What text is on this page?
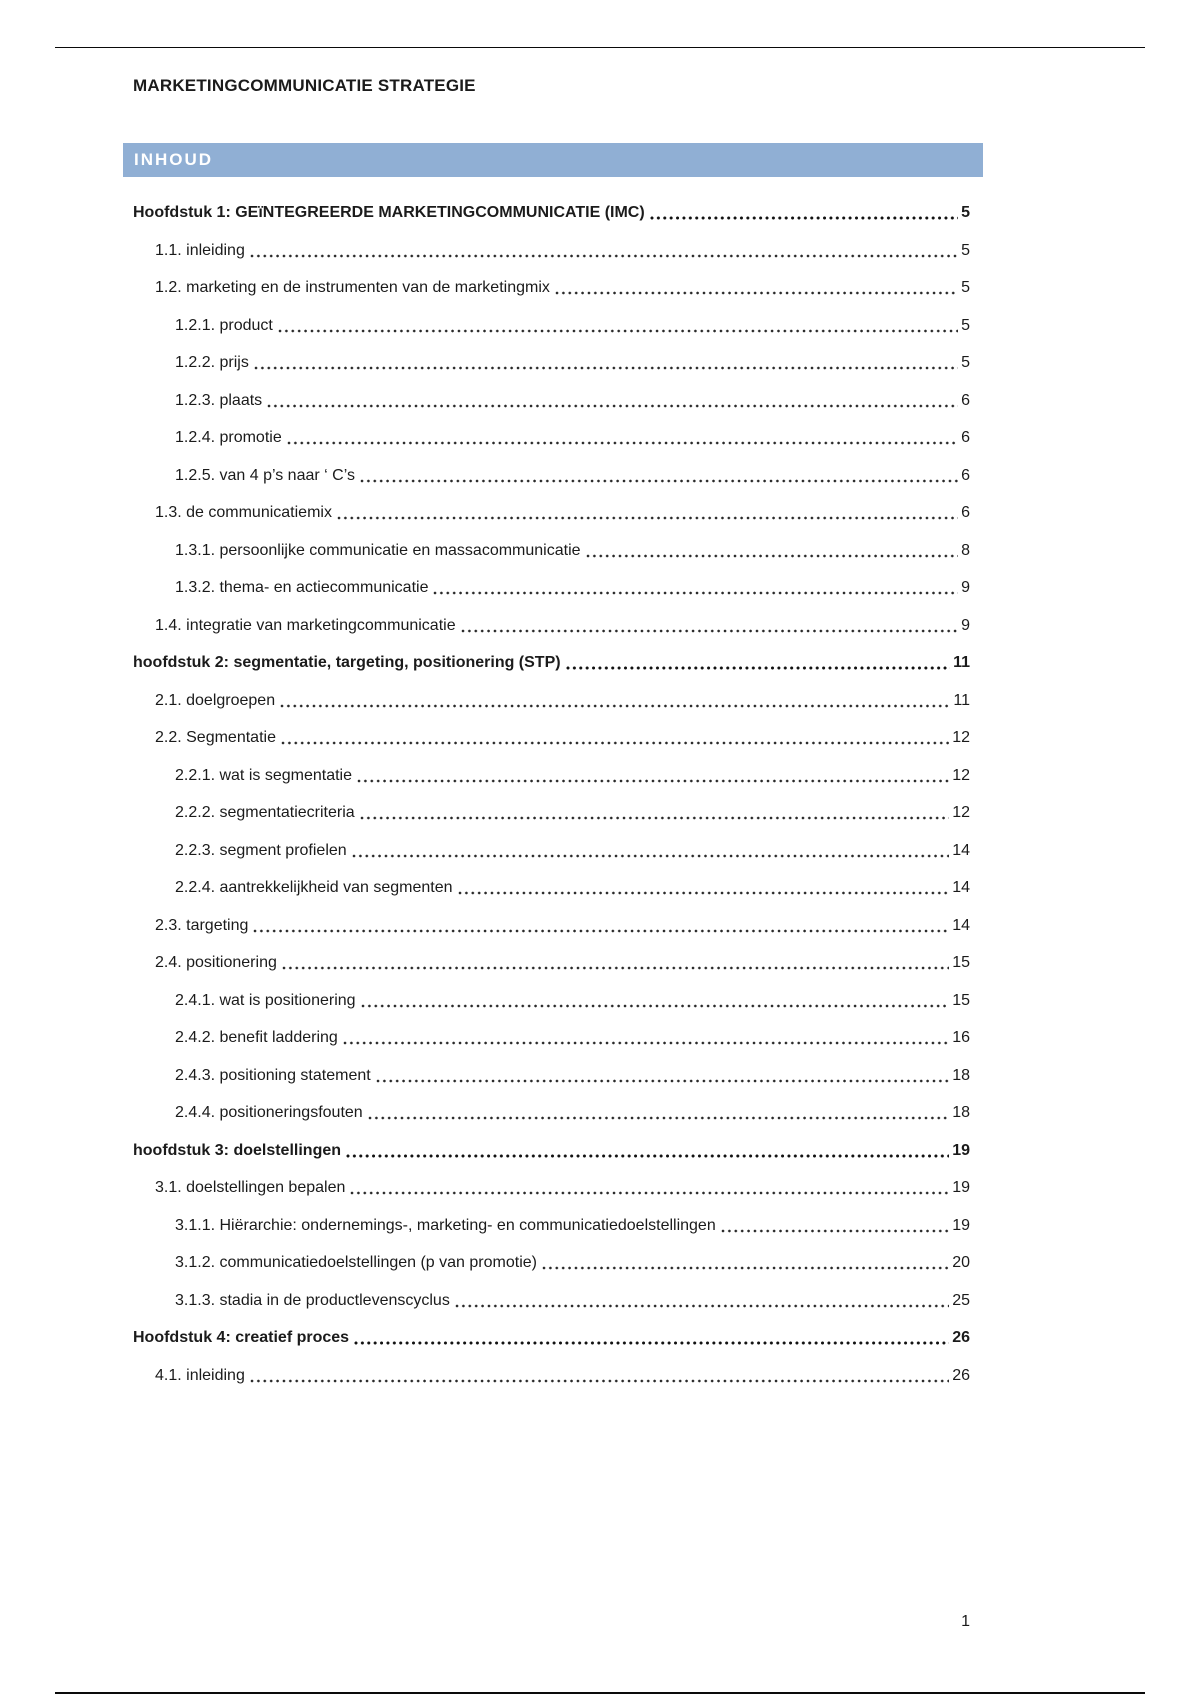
MARKETINGCOMMUNICATIE STRATEGIE
INHOUD
Hoofdstuk 1: GEïNTEGREERDE MARKETINGCOMMUNICATIE (IMC)	5
1.1. inleiding	5
1.2. marketing en de instrumenten van de marketingmix	5
1.2.1. product	5
1.2.2. prijs	5
1.2.3. plaats	6
1.2.4. promotie	6
1.2.5. van 4 p’s naar ‘ C’s	6
1.3. de communicatiemix	6
1.3.1. persoonlijke communicatie en massacommunicatie	8
1.3.2. thema- en actiecommunicatie	9
1.4. integratie van marketingcommunicatie	9
hoofdstuk 2: segmentatie, targeting, positionering (STP)	11
2.1. doelgroepen	11
2.2. Segmentatie	12
2.2.1. wat is segmentatie	12
2.2.2. segmentatiecriteria	12
2.2.3. segment profielen	14
2.2.4. aantrekkelijkheid van segmenten	14
2.3. targeting	14
2.4. positionering	15
2.4.1. wat is positionering	15
2.4.2. benefit laddering	16
2.4.3. positioning statement	18
2.4.4. positioneringsfouten	18
hoofdstuk 3: doelstellingen	19
3.1. doelstellingen bepalen	19
3.1.1. Hiërarchie: ondernemings-, marketing- en communicatiedoelstellingen	19
3.1.2. communicatiedoelstellingen (p van promotie)	20
3.1.3. stadia in de productlevenscyclus	25
Hoofdstuk 4: creatief proces	26
4.1. inleiding	26
1
